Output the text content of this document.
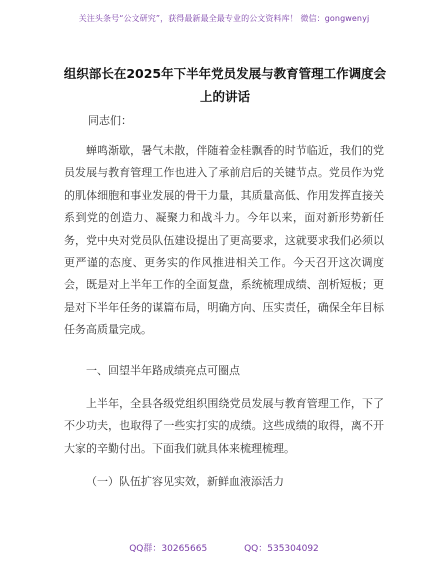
关注头条号“公文研究”，获得最新最全最专业的公文资料库！ 微信：gongwenyj
组织部长在2025年下半年党员发展与教育管理工作调度会上的讲话
同志们：
蝉鸣渐歇，暑气未散，伴随着金桂飘香的时节临近，我们的党员发展与教育管理工作也进入了承前启后的关键节点。党员作为党的肌体细胞和事业发展的骨干力量，其质量高低、作用发挥直接关系到党的创造力、凝聚力和战斗力。今年以来，面对新形势新任务，党中央对党员队伍建设提出了更高要求，这就要求我们必须以更严谨的态度、更务实的作风推进相关工作。今天召开这次调度会，既是对上半年工作的全面复盘，系统梳理成绩、剖析短板；更是对下半年任务的谋篇布局，明确方向、压实责任，确保全年目标任务高质量完成。
一、回望半年路成绩亮点可圈点
上半年，全县各级党组织围绕党员发展与教育管理工作，下了不少功夫，也取得了一些实打实的成绩。这些成绩的取得，离不开大家的辛勤付出。下面我们就具体来梳理梳理。
（一）队伍扩容见实效，新鲜血液添活力
QQ群：30265665	QQ：535304092
